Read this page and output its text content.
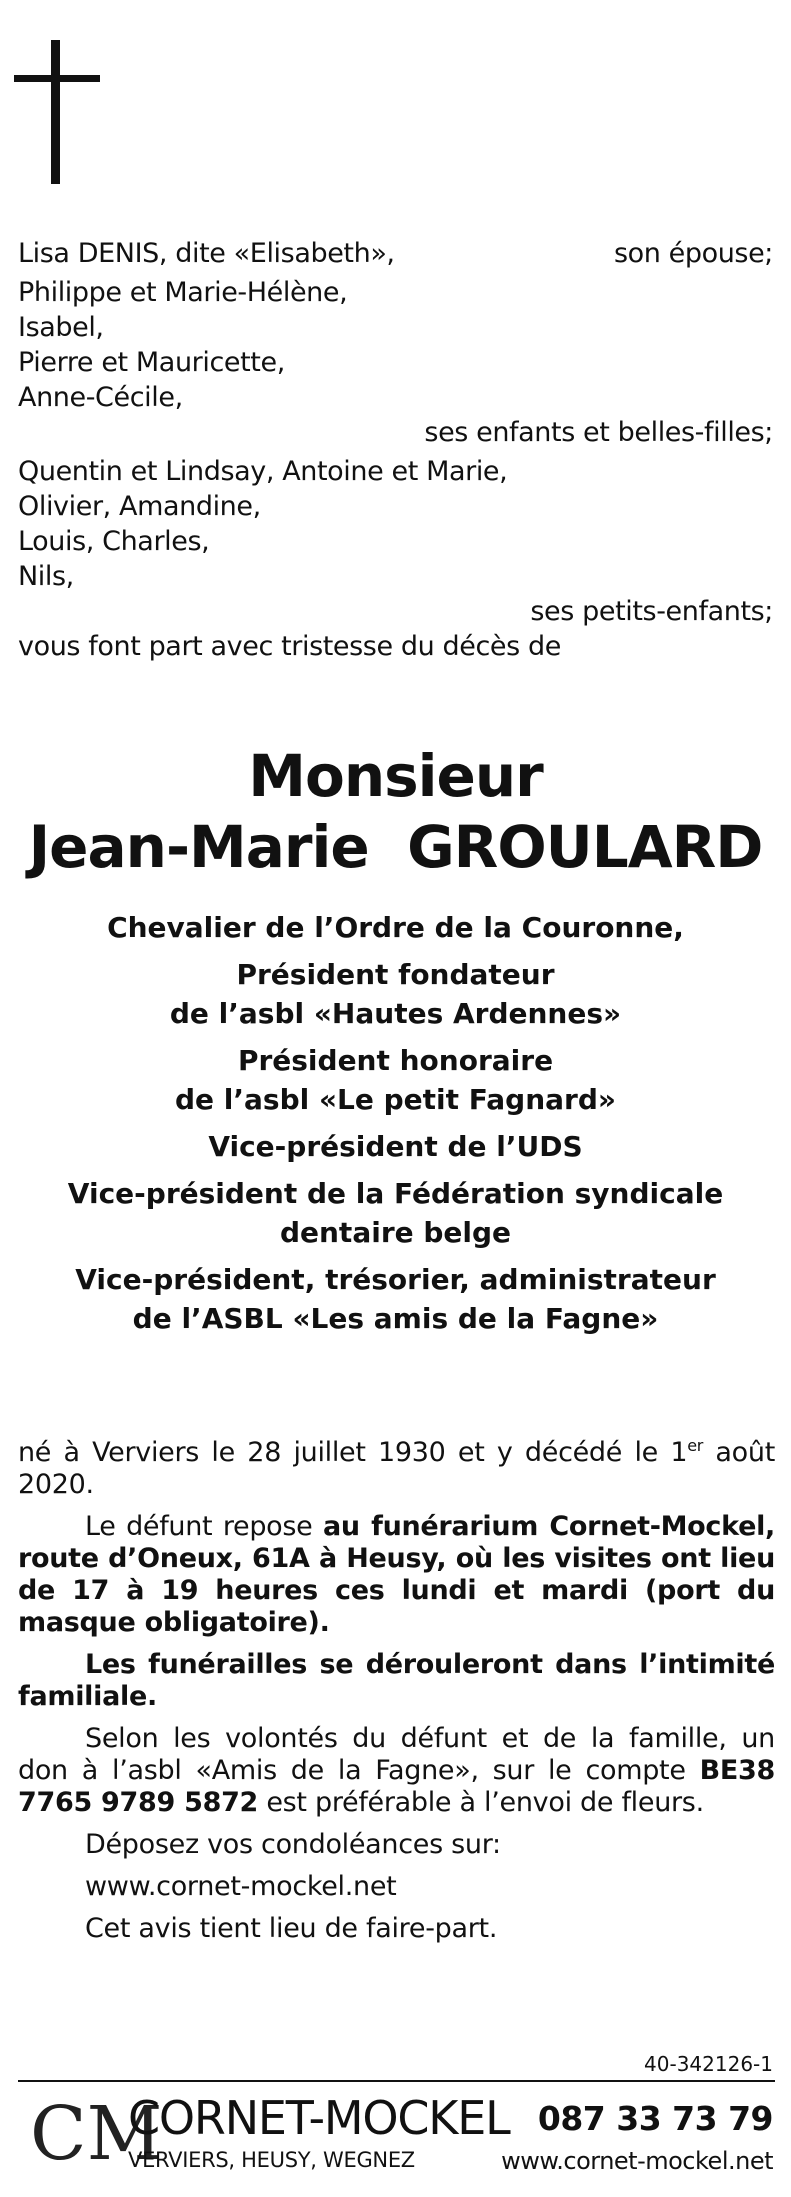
Lisa DENIS, dite «Elisabeth»,	son épouse;
Philippe et Marie-Hélène,
Isabel,
Pierre et Mauricette,
Anne-Cécile,
ses enfants et belles-filles;
Quentin et Lindsay, Antoine et Marie,
Olivier, Amandine,
Louis, Charles,
Nils,
ses petits-enfants;
vous font part avec tristesse du décès de
Monsieur
Jean-Marie  GROULARD
Chevalier de l’Ordre de la Couronne,
Président fondateur
de l’asbl «Hautes Ardennes»
Président honoraire
de l’asbl «Le petit Fagnard»
Vice-président de l’UDS
Vice-président de la Fédération syndicale
dentaire belge
Vice-président, trésorier, administrateur
de l’ASBL «Les amis de la Fagne»

né à Verviers le 28 juillet 1930 et y décédé le 1er août 2020.

Le défunt repose au funérarium Cornet-Mockel, route d’Oneux, 61A à Heusy, où les visites ont lieu de 17 à 19 heures ces lundi et mardi (port du masque obligatoire).

Les funérailles se dérouleront dans l’intimité familiale.

Selon les volontés du défunt et de la famille, un don à l’asbl «Amis de la Fagne», sur le compte BE38 7765 9789 5872 est préférable à l’envoi de fleurs.

Déposez vos condoléances sur:

www.cornet-mockel.net

Cet avis tient lieu de faire-part.

40-342126-1
CM
CORNET-MOCKEL 087 33 73 79
VERVIERS, HEUSY, WEGNEZ	www.cornet-mockel.net
